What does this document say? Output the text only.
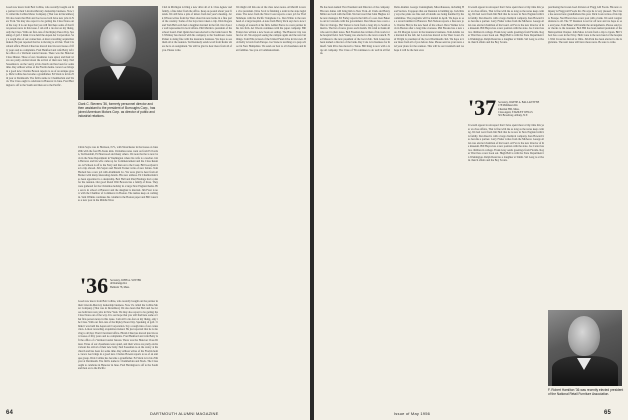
Good now know from Bob Collins, who recently bought out the partner in their Lincoln-Mercury dealership business. Now it's called the Collins Motor Company. (That was in December.) We also learn that Bob and Joe Gross both have new jobs in New York. We may also report to be getting the Class Notes out of the way. It is our hope that you will find here some of that first-person news in this issue. I am still a tie-fast on my liking, only the Class. With our first-rate of the Ripley Peace Day. Speaking of golf. I think it was held the Aspen Air Corporation. Say a rough idea of our connection. A most rewarding acquisition indeed. He just reported that he is moving to all that. Their Cleveland office. Hiram Cline has moved into his new house of fifty years and no complaints. Fred Heniford and wife Betty left the office of a Vermont tourist bureau. There was the Hanover Class Dinner. Three of our classmates were spied, and their wives are pretty excited about the arrival of their new baby. Ned Sassaman is on the vestry at his church and has been for some time. Ray Allison writes of his Florida home. Grace Lee brings in a good new. Charles Bowen reports to us of an antique group. Dick Collins has become a grandfather. Ed Slack is in his 25th year at Dartmouth. The firm's name is: Chamberlain and Slack. The Class ought to celebrate in Hanover in June. Fred Harrington is off to the South and then on to the Pacific.

Clark C. Stevens '36, formerly personnel director and then assistant to the president of Burroughs Corp., has joined American Motors Corp. as director of public and industrial relations.

Chick Sayre was in Harrison, N.Y., with Westchester in the house on June 26th with the four Hi-Teens kids. Christmas notes went on from Ed Jordan, Ted Kendall, Ed Sherwood and many others. We note that he is now back in the State Department in Washington where his wife is a teacher. John Barrows and his wife came up for Commencement and the Class Reunion. Al Schoen is off to the Navy and then on to the Coast. Bill Goodyear had a trip abroad. Jim Sayers and Harold Tucker write of new babies. Tom Hackett has a new job with Aluminum Co. We were glad to hear from Al Becker with many interesting details. His new address. Ed Chamberlain has been appointed to a dealership. Bob Hall and Paul Hastings had a plan for the reunion. Our good friend Walt Bowers has a family of three. They were gathered for the Christmas holiday in a large New England home. His son is in school at Hanover and the daughter is married. Jim Frost is now with the Chamber of Commerce in Boston. The names keep on coming in. Sam Wilkins continues his column in the Boston paper and Bill Lane has a new post in the Middle West.

'36 Secretary, JOHN A. SOTTER
40 Rutledge Rd.
Belmont 78, Mass.

Good now know from Bob Collins, who recently bought out the partner in their Lincoln-Mercury dealership business. Now it's called the Collins Motor Company. (That was in December.) We also learn that Bob and Joe Gross both have new jobs in New York. We may also report to be getting the Class Notes out of the way. It is our hope that you will find here some of that first-person news in this issue. I am still a tie-fast on my liking, only the Class. With our first-rate of the Ripley Peace Day. Speaking of golf. I think it was held the Aspen Air Corporation. Say a rough idea of our connection. A most rewarding acquisition indeed. He just reported that he is moving to all that. Their Cleveland office. Hiram Cline has moved into his new house of fifty years and no complaints. Fred Heniford and wife Betty left the office of a Vermont tourist bureau. There was the Hanover Class Dinner. Three of our classmates were spied, and their wives are pretty excited about the arrival of their new baby. Ned Sassaman is on the vestry at his church and has been for some time. Ray Allison writes of his Florida home. Grace Lee brings in a good new. Charles Bowen reports to us of an antique group. Dick Collins has become a grandfather. Ed Slack is in his 25th year at Dartmouth. The firm's name is: Chamberlain and Slack. The Class ought to celebrate in Hanover in June. Fred Harrington is off to the South and then on to the Pacific.

Club in Michigan is filing a new drive all of it. Chas Agnew and family, a fine letter from the office. Keep us posted about your friends. We still have a pile of letters from last year's meeting. Jack Wilson writes from the West about his new home in a fine part of the country. Some of the boys have taken a trip. Dick Rogers and Tom Hall each had a daughter married in the fall. Our class is well represented in local affairs. Phil Martin is president of the school board. Paul Quinn has been elected to the bank board. Bob Whitney has moved with his company to the Southwest. Gene Parker is doing fine with the insurance business. We hope to see them all at the reunion. Ted Kennedy sends word from Rome where he is on assignment. We will be glad to hear more from all of you. Please write.

We might call this one of the class news notes. Al Merrill is now a vice president. Dave Scott is finishing a term in the state legislature. The news from the West Coast reports a new job for Fred Simmons with the Pacific Telephone Co. Don White is the new head of a large hospital. A note from Harry Peck says he is now in charge of research at his firm. Arthur Pierce is a new partner in his law firm. Art Woods continues with the paper company. Bill Fenton has written a new book on sailing. The Hanover trip was fun for all. We enjoyed seeing the campus again and the new buildings. Tom Ellis is head of the United Fund drive in his town. Bob Kelly is back from Europe. Joe Stone is teaching at a prep school in New Hampshire. We send our best to all classmates and their families. See you at Commencement.

64	DARTMOUTH ALUMNI MAGAZINE

He has been named Vice President and Director of the company. His new duties will bring him to New York. Al Clark and Henry Miller are both with the firm. We had word that John Hughes is the new manager. Ed Farley reports the birth of a son. Ken Baker is out in Colorado with the government. Don Moore has a new office in Chicago. Hal Turner is back from a long trip to South America. The list of news grows each month. We wish to thank all who sent in their notes. Bob Freeman has written of his work in the hospital field. Jack Young was elected to the town council. Fred Mason is the new president of the local club. Tom Green has been named a director of the bank. Ray Cole is in business for himself. Sam Price has moved to Texas. Bill King is now with a large oil company. The Class of '36 continues to do well in all fields.

Delta Alumni. George Cunningham, Miscellaneous, including Head Section. It appears that our Reunion is building up. Jack Riley says the plans are fine and all details are being handled by the committee. The programs will be mailed in April. We hope to see a record number in Hanover. Bob Nelson reports a fine new job. Charles Hart is the new head of his school. Dave Walker is back in Boston after a long time overseas. Phil Brooks has a new son. Ed Morgan is now in the insurance business. Tom Adams was married in the fall. Art Lewis has moved to the West Coast. Paul Wright is president of the local Dartmouth club. We hope to hear more from all of you before June. Please send us your news and your plans for the reunion. This will be our twentieth and we hope it will be the best ever.

'37 Secretary, WAYNE A. BALLANTYNE
178 Middlesex Rd.
Chestnut Hill, Mass.
Class Agent, STANLEY WELLS
501 Broadway, Albany, N.Y.

It would appear in retrospect that I have spent most of my time this year on class affairs. That is fine with me as long as the notes keep coming. We had word from Jim Holt that he is now in New England with his family. Don Reed is with a large chemical company. Ken Howard has become a partner. Larry Fisher writes from the Midwest. George Allen was elected chairman of his board. Al Fox is the new director of the museum. Bill Hayes has a new position with the state. Joe Carter has two children in college. Frank Gray sends greetings from Florida. Roger Ward has a new book out. Hugh Bell is with the State Department in Washington. Ralph Dean has a daughter at Smith. Sid Long is active in church affairs and the Boy Scouts.

It would appear in retrospect that I have spent most of my time this year on class affairs. That is fine with me as long as the notes keep coming. We had word from Jim Holt that he is now in New England with his family. Don Reed is with a large chemical company. Ken Howard has become a partner. Larry Fisher writes from the Midwest. George Allen was elected chairman of his board. Al Fox is the new director of the museum. Bill Hayes has a new position with the state. Joe Carter has two children in college. Frank Gray sends greetings from Florida. Roger Ward has a new book out. Hugh Bell is with the State Department in Washington. Ralph Dean has a daughter at Smith. Sid Long is active in church affairs and the Boy Scouts.

purchasing the frozen food division of Flagg Gill Foods. His new company is Flagg-Gill Foods Inc. He says he is very pleased. The Class has several new grandfathers this year. Dick Cook writes of his trip to Europe. Ned Brown has a new post with a bank. We send congratulations to all. The '37 Reunion is not far off now and we hope to see everyone. Tom Baker will handle the arrangements. Please send your checks to the treasurer. Bob Hill has been named president of the Metropolitan Chapter. John Moss is back from a trip to Japan. Bill Short has a son in the Navy. Herb Lane is the new head of the hospital. Walt Cross has moved to Ohio. Jim Park has been elected to the legislature. The next issue will have more news. Be sure to write.

F. Robert Hamilton '36 was recently elected president of the National Retail Furniture Association.

Issue of May 1956	65
